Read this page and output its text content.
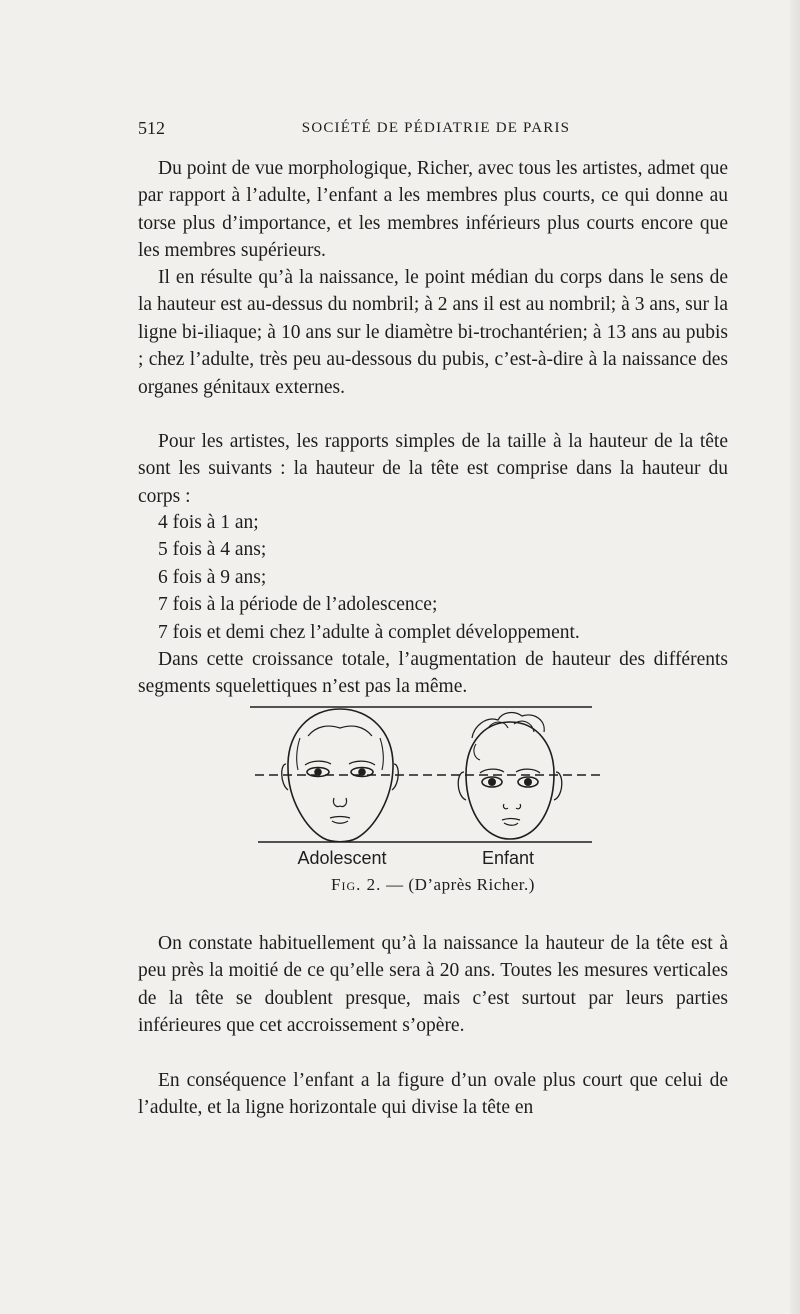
512	SOCIÉTÉ DE PÉDIATRIE DE PARIS

Du point de vue morphologique, Richer, avec tous les artistes, admet que par rapport à l’adulte, l’enfant a les membres plus courts, ce qui donne au torse plus d’importance, et les membres inférieurs plus courts encore que les membres supérieurs.

Il en résulte qu’à la naissance, le point médian du corps dans le sens de la hauteur est au-dessus du nombril; à 2 ans il est au nombril; à 3 ans, sur la ligne bi-iliaque; à 10 ans sur le diamètre bi-trochantérien; à 13 ans au pubis ; chez l’adulte, très peu au-dessous du pubis, c’est-à-dire à la naissance des organes génitaux externes.

Pour les artistes, les rapports simples de la taille à la hauteur de la tête sont les suivants : la hauteur de la tête est comprise dans la hauteur du corps :

4 fois à 1 an;
5 fois à 4 ans;
6 fois à 9 ans;
7 fois à la période de l’adolescence;
7 fois et demi chez l’adulte à complet développement.

Dans cette croissance totale, l’augmentation de hauteur des différents segments squelettiques n’est pas la même.

Adolescent	Enfant
Fig. 2. — (D’après Richer.)

On constate habituellement qu’à la naissance la hauteur de la tête est à peu près la moitié de ce qu’elle sera à 20 ans. Toutes les mesures verticales de la tête se doublent presque, mais c’est surtout par leurs parties inférieures que cet accroissement s’opère.

En conséquence l’enfant a la figure d’un ovale plus court que celui de l’adulte, et la ligne horizontale qui divise la tête en
